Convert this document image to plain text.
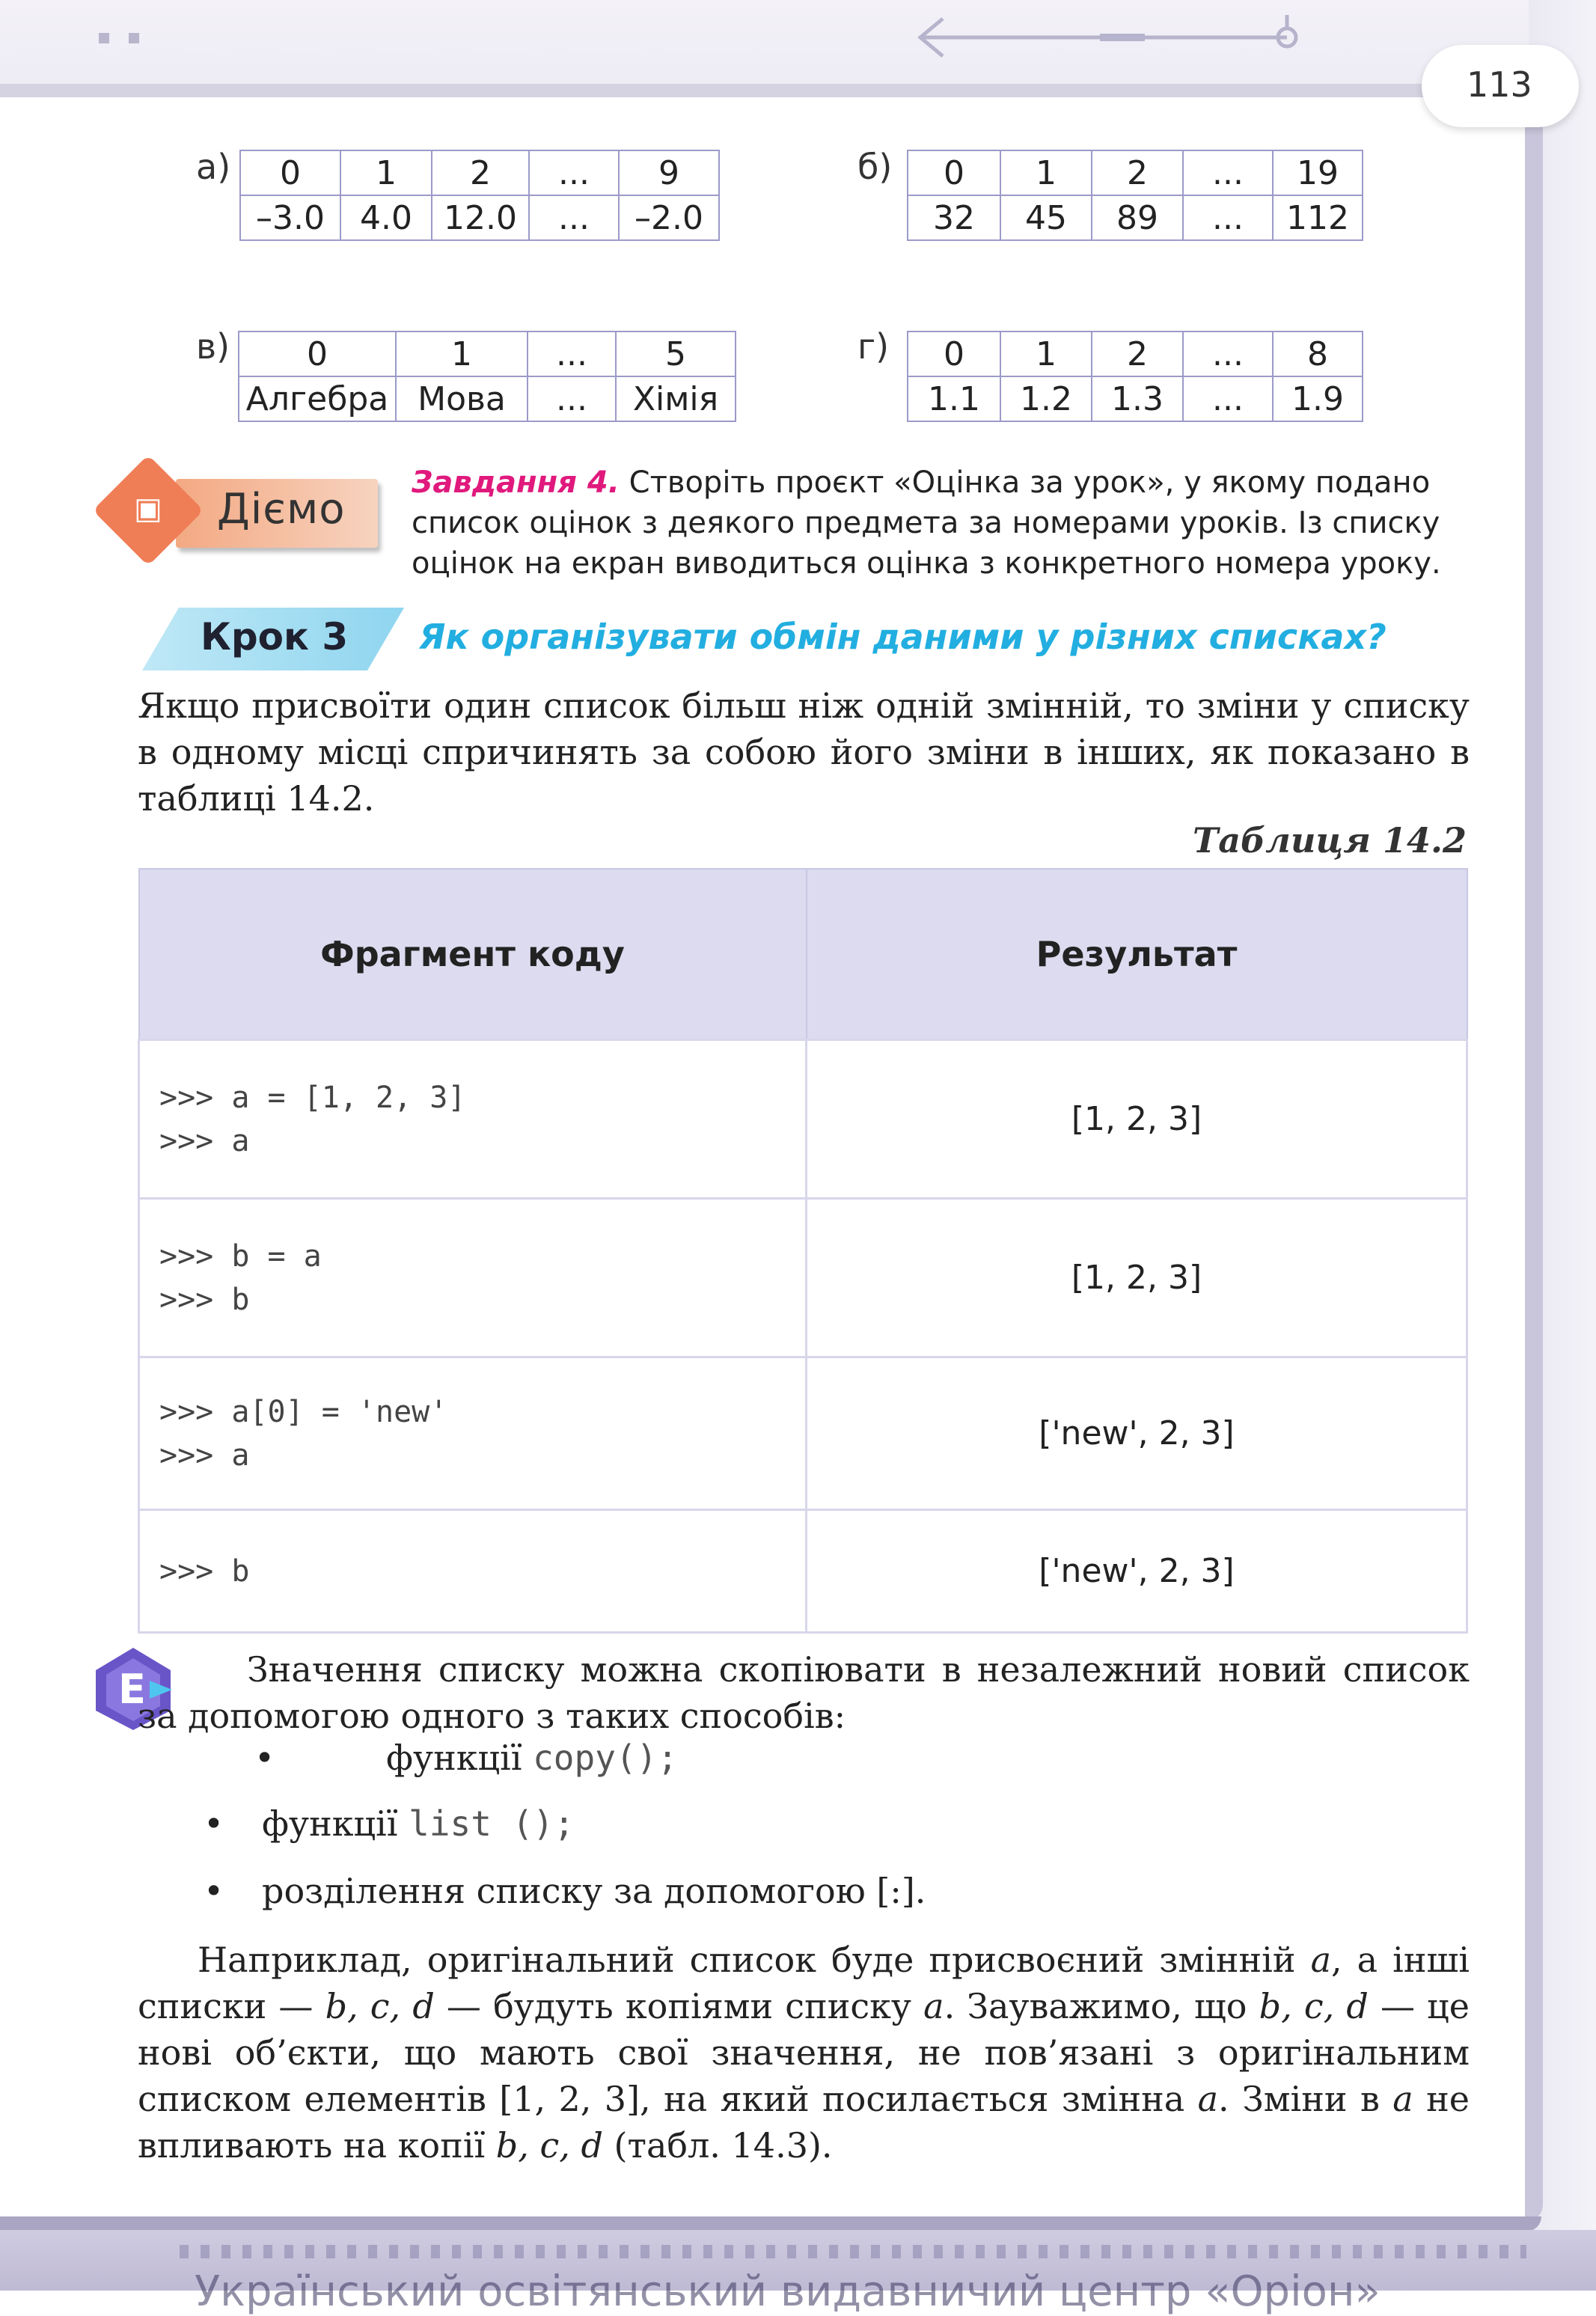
113
а) 0	1	2	...	9
–3.0	4.0	12.0	...	–2.0
б) 0	1	2	...	19
32	45	89	...	112
в) 0	1	...	5
Алгебра	Мова	...	Хімія
г) 0	1	2	...	8
1.1	1.2	1.3	...	1.9
▣ Дiємо
Завдання 4. Створіть проєкт «Оцінка за урок», у якому подано список оцінок з деякого предмета за номерами уроків. Із списку оцінок на екран виводиться оцінка з конкретного номера уроку.
Крок 3 Як організувати обмін даними у різних списках?
Якщо присвоїти один список більш ніж одній змінній, то зміни у списку в одному місці спричинять за собою його зміни в інших, як показано в таблиці 14.2.
Таблиця 14.2
Фрагмент коду	Результат
>>> a = [1, 2, 3]
>>> a	[1, 2, 3]
>>> b = a
>>> b	[1, 2, 3]
>>> a[0] = 'new'
>>> a	['new', 2, 3]
>>> b	['new', 2, 3]
E	Значення списку можна скопіювати в незалежний новий список за допомогою одного з таких способів:
•	функції copy();
• функції list ();
• розділення списку за допомогою [:].
Наприклад, оригінальний список буде присвоєний змінній a, а інші списки — b, c, d — будуть копіями списку a. Зауважимо, що b, c, d — це нові об’єкти, що мають свої значення, не пов’язані з оригінальним списком елементів [1, 2, 3], на який посилається змінна a. Зміни в a не впливають на копії b, c, d (табл. 14.3).
Український освітянський видавничий центр «Оріон»
